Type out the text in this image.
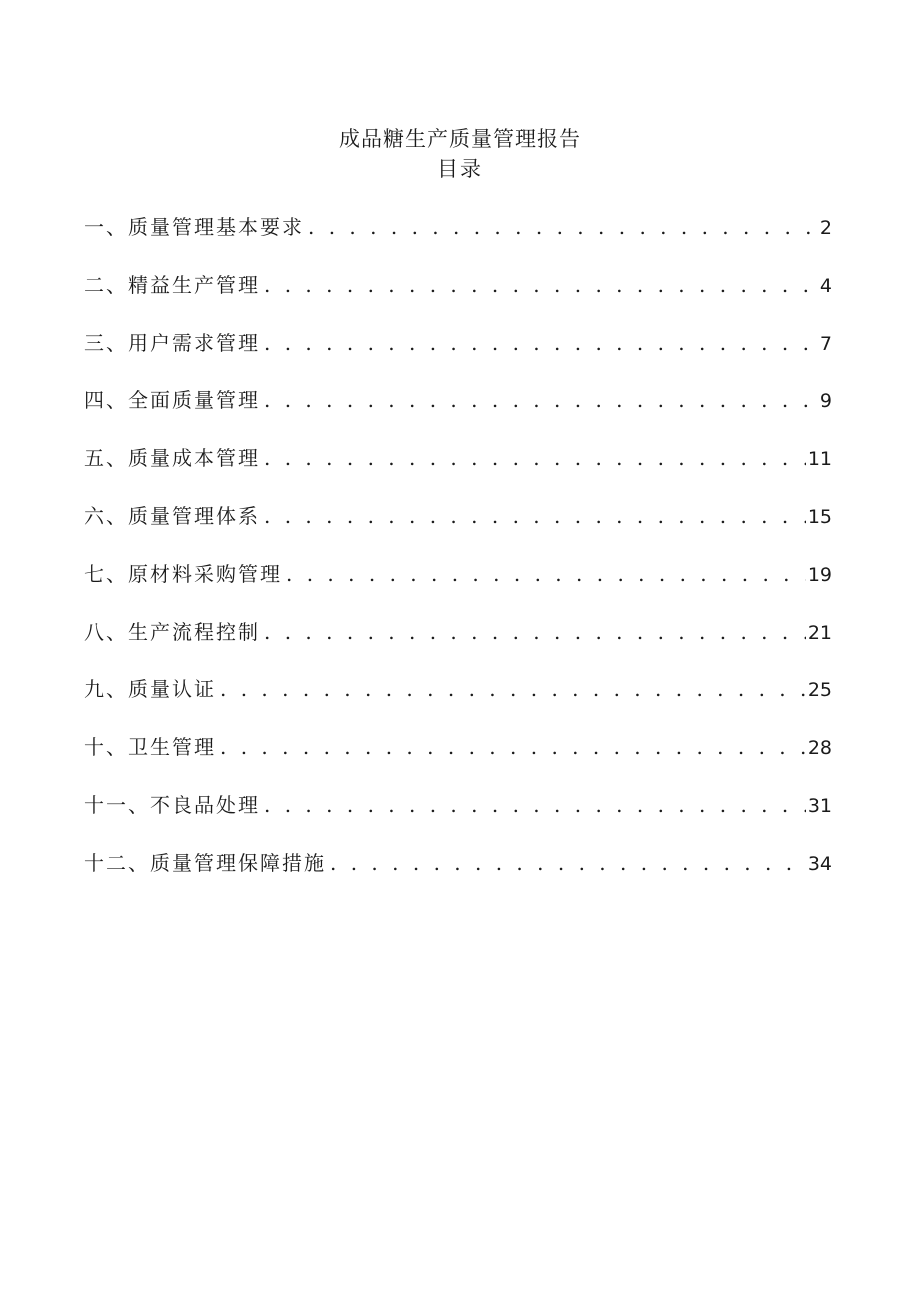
成品糖生产质量管理报告
目录
一、质量管理基本要求 . . .	2
二、精益生产管理 . . .	4
三、用户需求管理 . . .	7
四、全面质量管理 . . .	9
五、质量成本管理 . . .	11
六、质量管理体系 . . .	15
七、原材料采购管理 . . .	19
八、生产流程控制 . . .	21
九、质量认证 . . .	25
十、卫生管理 . . .	28
十一、不良品处理 . . .	31
十二、质量管理保障措施 . . .	34
